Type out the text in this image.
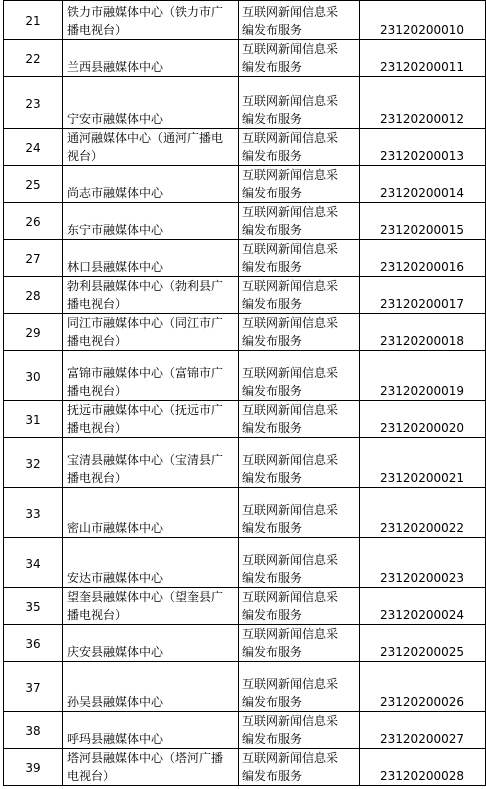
21	铁力市融媒体中心（铁力市广
播电视台）	互联网新闻信息采
编发布服务	23120200010
22	兰西县融媒体中心	互联网新闻信息采
编发布服务	23120200011
23	宁安市融媒体中心	互联网新闻信息采
编发布服务	23120200012
24	通河融媒体中心（通河广播电
视台）	互联网新闻信息采
编发布服务	23120200013
25	尚志市融媒体中心	互联网新闻信息采
编发布服务	23120200014
26	东宁市融媒体中心	互联网新闻信息采
编发布服务	23120200015
27	林口县融媒体中心	互联网新闻信息采
编发布服务	23120200016
28	勃利县融媒体中心（勃利县广
播电视台）	互联网新闻信息采
编发布服务	23120200017
29	同江市融媒体中心（同江市广
播电视台）	互联网新闻信息采
编发布服务	23120200018
30	富锦市融媒体中心（富锦市广
播电视台）	互联网新闻信息采
编发布服务	23120200019
31	抚远市融媒体中心（抚远市广
播电视台）	互联网新闻信息采
编发布服务	23120200020
32	宝清县融媒体中心（宝清县广
播电视台）	互联网新闻信息采
编发布服务	23120200021
33	密山市融媒体中心	互联网新闻信息采
编发布服务	23120200022
34	安达市融媒体中心	互联网新闻信息采
编发布服务	23120200023
35	望奎县融媒体中心（望奎县广
播电视台）	互联网新闻信息采
编发布服务	23120200024
36	庆安县融媒体中心	互联网新闻信息采
编发布服务	23120200025
37	孙吴县融媒体中心	互联网新闻信息采
编发布服务	23120200026
38	呼玛县融媒体中心	互联网新闻信息采
编发布服务	23120200027
39	塔河县融媒体中心（塔河广播
电视台）	互联网新闻信息采
编发布服务	23120200028
